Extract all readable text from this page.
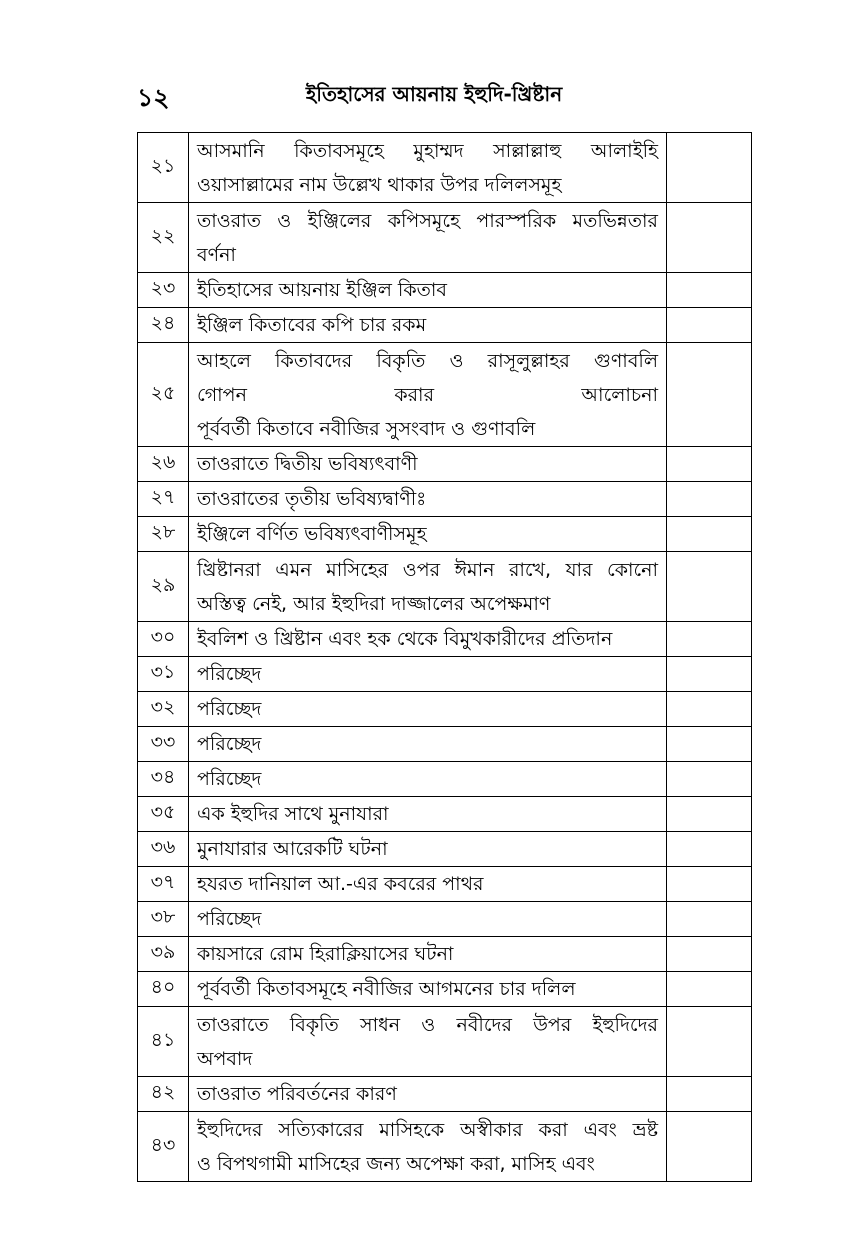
১২	ইতিহাসের আয়নায় ইহুদি-খ্রিষ্টান
২১	আসমানি কিতাবসমূহে মুহাম্মদ সাল্লাল্লাহু আলাইহি
ওয়াসাল্লামের নাম উল্লেখ থাকার উপর দলিলসমূহ	

২২	তাওরাত ও ইঞ্জিলের কপিসমূহে পারস্পরিক মতভিন্নতার
বর্ণনা	

২৩	ইতিহাসের আয়নায় ইঞ্জিল কিতাব	

২৪	ইঞ্জিল কিতাবের কপি চার রকম	

২৫	আহলে কিতাবদের বিকৃতি ও রাসূলুল্লাহর গুণাবলি
গোপন করার আলোচনা
পূর্ববর্তী কিতাবে নবীজির সুসংবাদ ও গুণাবলি	

২৬	তাওরাতে দ্বিতীয় ভবিষ্যৎবাণী	

২৭	তাওরাতের তৃতীয় ভবিষ্যদ্বাণীঃ	

২৮	ইঞ্জিলে বর্ণিত ভবিষ্যৎবাণীসমূহ	

২৯	খ্রিষ্টানরা এমন মাসিহের ওপর ঈমান রাখে, যার কোনো
অস্তিত্ব নেই, আর ইহুদিরা দাজ্জালের অপেক্ষমাণ	

৩০	ইবলিশ ও খ্রিষ্টান এবং হক থেকে বিমুখকারীদের প্রতিদান	

৩১	পরিচ্ছেদ	

৩২	পরিচ্ছেদ	

৩৩	পরিচ্ছেদ	

৩৪	পরিচ্ছেদ	

৩৫	এক ইহুদির সাথে মুনাযারা	

৩৬	মুনাযারার আরেকটি ঘটনা	

৩৭	হযরত দানিয়াল আ.-এর কবরের পাথর	

৩৮	পরিচ্ছেদ	

৩৯	কায়সারে রোম হিরাক্লিয়াসের ঘটনা	

৪০	পূর্ববর্তী কিতাবসমূহে নবীজির আগমনের চার দলিল	

৪১	তাওরাতে বিকৃতি সাধন ও নবীদের উপর ইহুদিদের
অপবাদ	

৪২	তাওরাত পরিবর্তনের কারণ	

৪৩	ইহুদিদের সত্যিকারের মাসিহকে অস্বীকার করা এবং ভ্রষ্ট
ও বিপথগামী মাসিহের জন্য অপেক্ষা করা, মাসিহ এবং	
